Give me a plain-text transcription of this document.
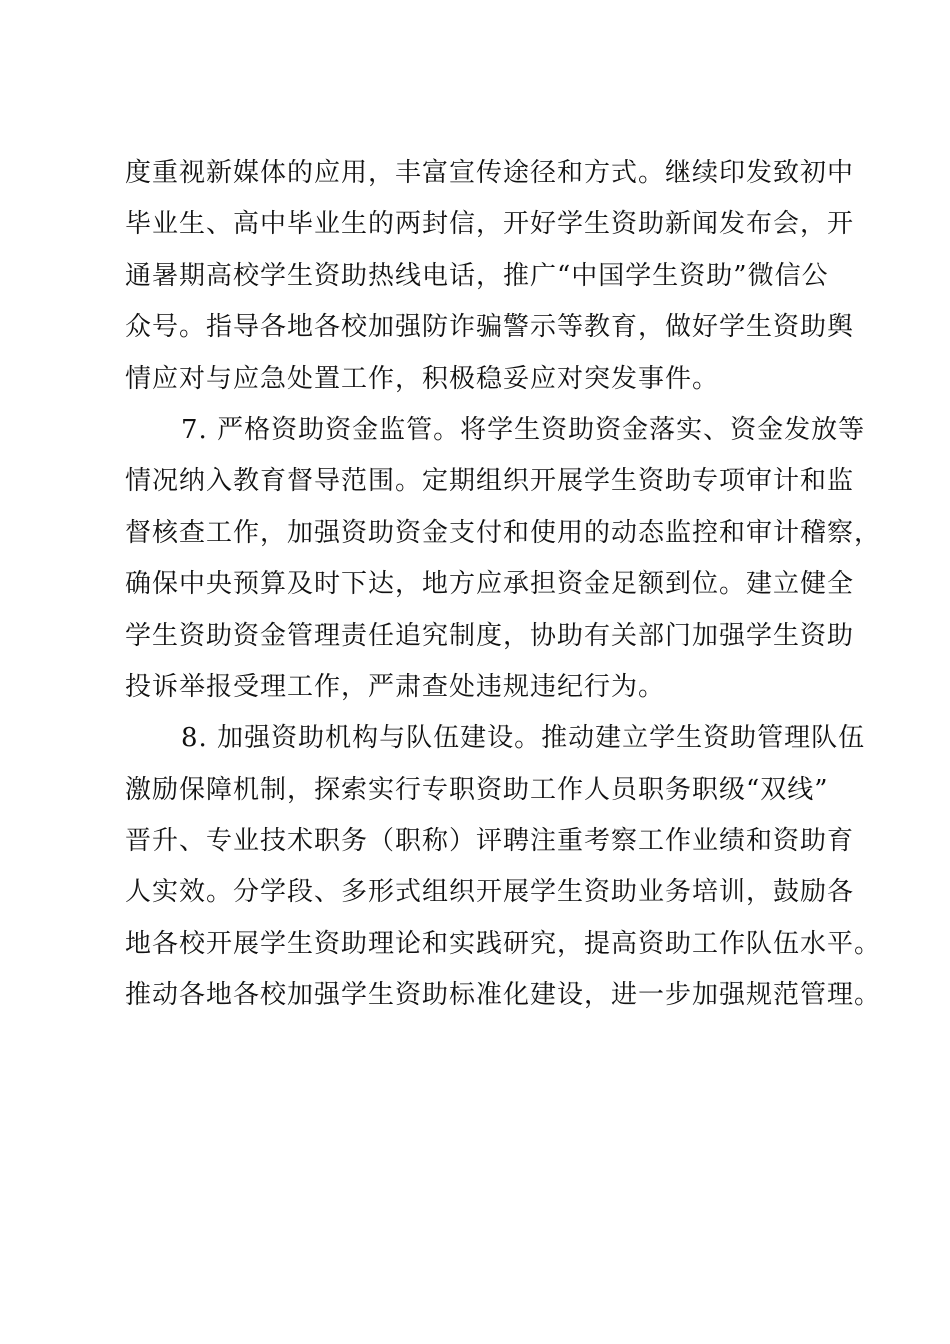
度重视新媒体的应用，丰富宣传途径和方式。继续印发致初中
毕业生、高中毕业生的两封信，开好学生资助新闻发布会，开
通暑期高校学生资助热线电话，推广“中国学生资助”微信公
众号。指导各地各校加强防诈骗警示等教育，做好学生资助舆
情应对与应急处置工作，积极稳妥应对突发事件。
7. 严格资助资金监管。将学生资助资金落实、资金发放等
情况纳入教育督导范围。定期组织开展学生资助专项审计和监
督核查工作，加强资助资金支付和使用的动态监控和审计稽察，
确保中央预算及时下达，地方应承担资金足额到位。建立健全
学生资助资金管理责任追究制度，协助有关部门加强学生资助
投诉举报受理工作，严肃查处违规违纪行为。
8. 加强资助机构与队伍建设。推动建立学生资助管理队伍
激励保障机制，探索实行专职资助工作人员职务职级“双线”
晋升、专业技术职务（职称）评聘注重考察工作业绩和资助育
人实效。分学段、多形式组织开展学生资助业务培训，鼓励各
地各校开展学生资助理论和实践研究，提高资助工作队伍水平。
推动各地各校加强学生资助标准化建设，进一步加强规范管理。
